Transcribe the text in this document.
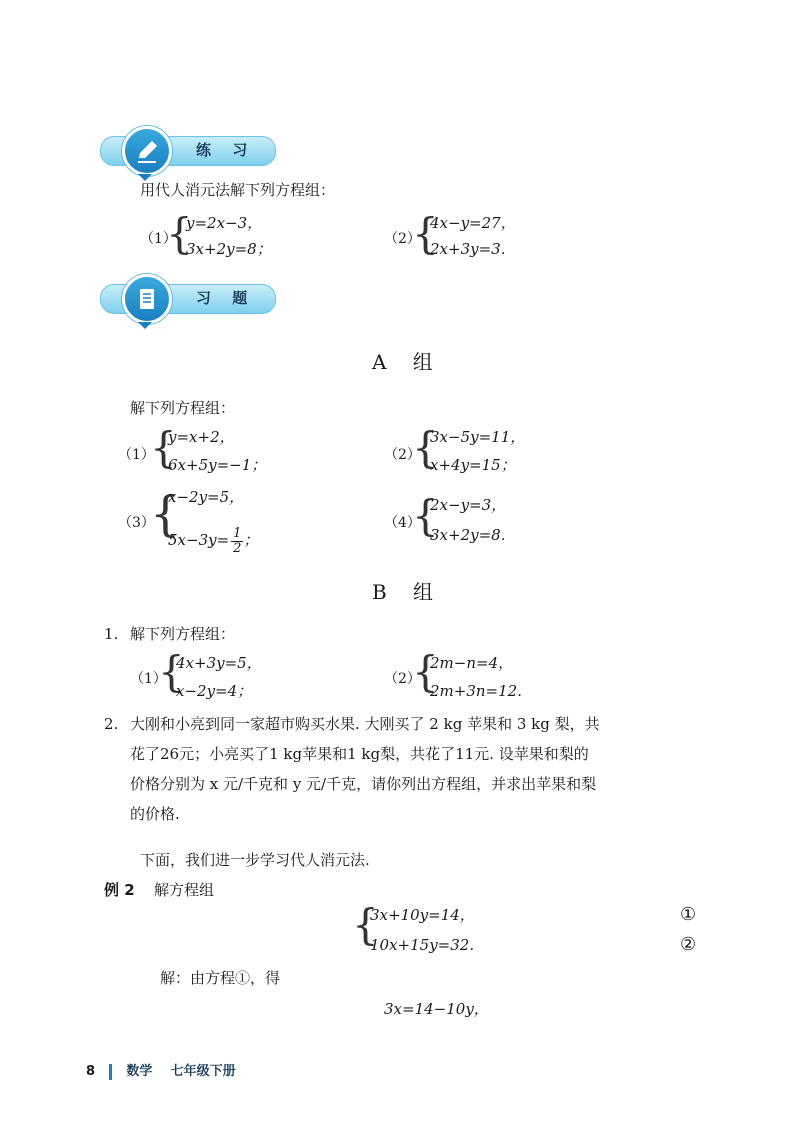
练 习
用代人消元法解下列方程组：
（1）
{
y=2x−3，
3x+2y=8；
（2）
{
4x−y=27，
2x+3y=3.
习 题
A 组
解下列方程组：
（1）
{
y=x+2，
6x+5y=−1；
（2）
{
3x−5y=11，
x+4y=15；
（3）
{
x−2y=5，
$5x-3y= \frac{1}{2}$ ；
（4）
{
2x−y=3，
3x+2y=8.
B 组
1. 解下列方程组：
（1）
{
4x+3y=5，
x−2y=4；
（2）
{
2m−n=4，
2m+3n=12.
2. 大刚和小亮到同一家超市购买水果. 大刚买了 2 kg 苹果和 3 kg 梨，共
花了26元；小亮买了1 kg苹果和1 kg梨，共花了11元. 设苹果和梨的
价格分别为 x 元/千克和 y 元/千克，请你列出方程组，并求出苹果和梨
的价格.
下面，我们进一步学习代人消元法.
例 2 解方程组
{
3x+10y=14，
10x+15y=32.
①
②
解：由方程①，得
3x=14−10y，
8 数学 七年级下册
